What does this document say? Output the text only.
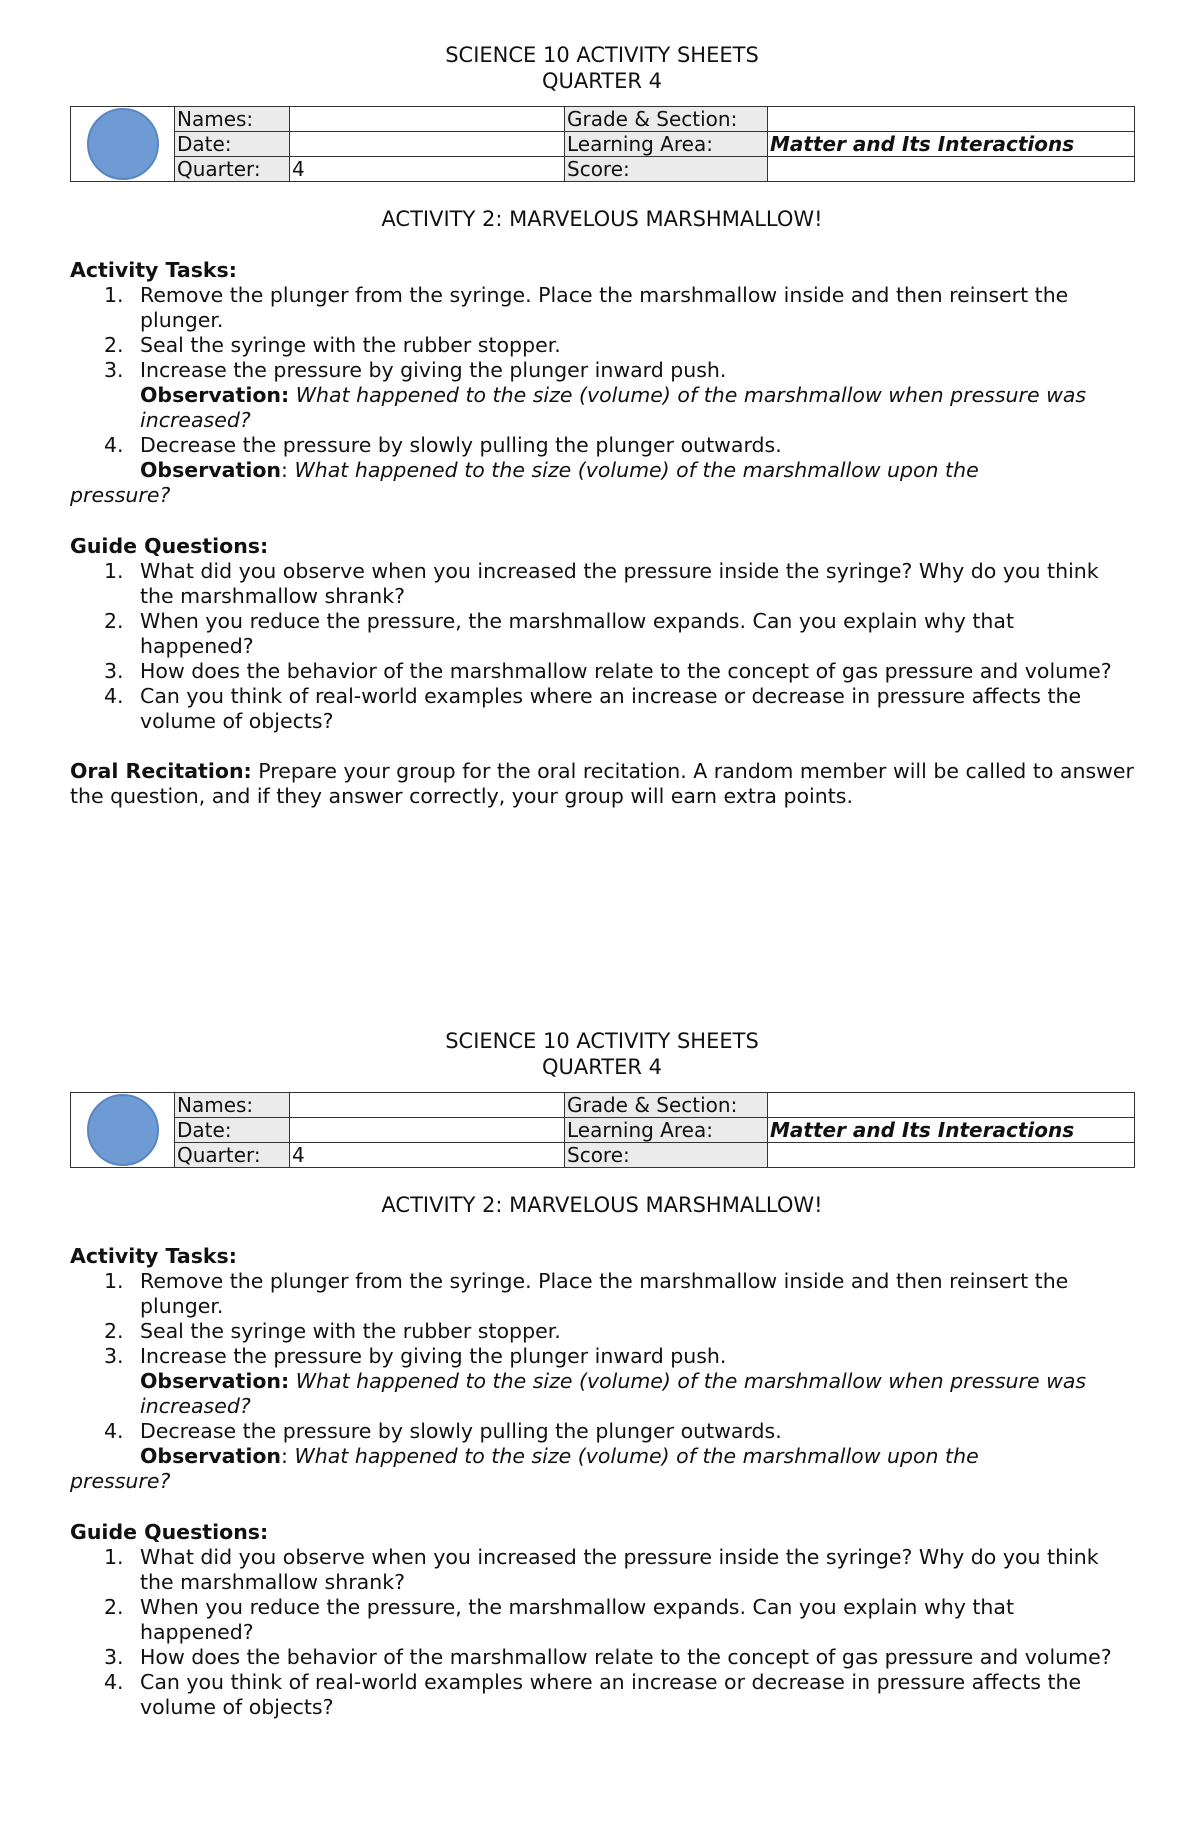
SCIENCE 10 ACTIVITY SHEETS
QUARTER 4
	Names:		Grade & Section:	
	Date:		Learning Area:	Matter and Its Interactions
	Quarter:	4	Score:	
ACTIVITY 2: MARVELOUS MARSHMALLOW!
Activity Tasks:
1. Remove the plunger from the syringe. Place the marshmallow inside and then reinsert the plunger.
2. Seal the syringe with the rubber stopper.
3. Increase the pressure by giving the plunger inward push.
Observation: What happened to the size (volume) of the marshmallow when pressure was increased?
4. Decrease the pressure by slowly pulling the plunger outwards.
Observation: What happened to the size (volume) of the marshmallow upon the
pressure?
Guide Questions:
1. What did you observe when you increased the pressure inside the syringe? Why do you think the marshmallow shrank?
2. When you reduce the pressure, the marshmallow expands. Can you explain why that happened?
3. How does the behavior of the marshmallow relate to the concept of gas pressure and volume?
4. Can you think of real-world examples where an increase or decrease in pressure affects the volume of objects?
Oral Recitation: Prepare your group for the oral recitation. A random member will be called to answer the question, and if they answer correctly, your group will earn extra points.
SCIENCE 10 ACTIVITY SHEETS
QUARTER 4
	Names:		Grade & Section:	
	Date:		Learning Area:	Matter and Its Interactions
	Quarter:	4	Score:	
ACTIVITY 2: MARVELOUS MARSHMALLOW!
Activity Tasks:
1. Remove the plunger from the syringe. Place the marshmallow inside and then reinsert the plunger.
2. Seal the syringe with the rubber stopper.
3. Increase the pressure by giving the plunger inward push.
Observation: What happened to the size (volume) of the marshmallow when pressure was increased?
4. Decrease the pressure by slowly pulling the plunger outwards.
Observation: What happened to the size (volume) of the marshmallow upon the
pressure?
Guide Questions:
1. What did you observe when you increased the pressure inside the syringe? Why do you think the marshmallow shrank?
2. When you reduce the pressure, the marshmallow expands. Can you explain why that happened?
3. How does the behavior of the marshmallow relate to the concept of gas pressure and volume?
4. Can you think of real-world examples where an increase or decrease in pressure affects the volume of objects?
